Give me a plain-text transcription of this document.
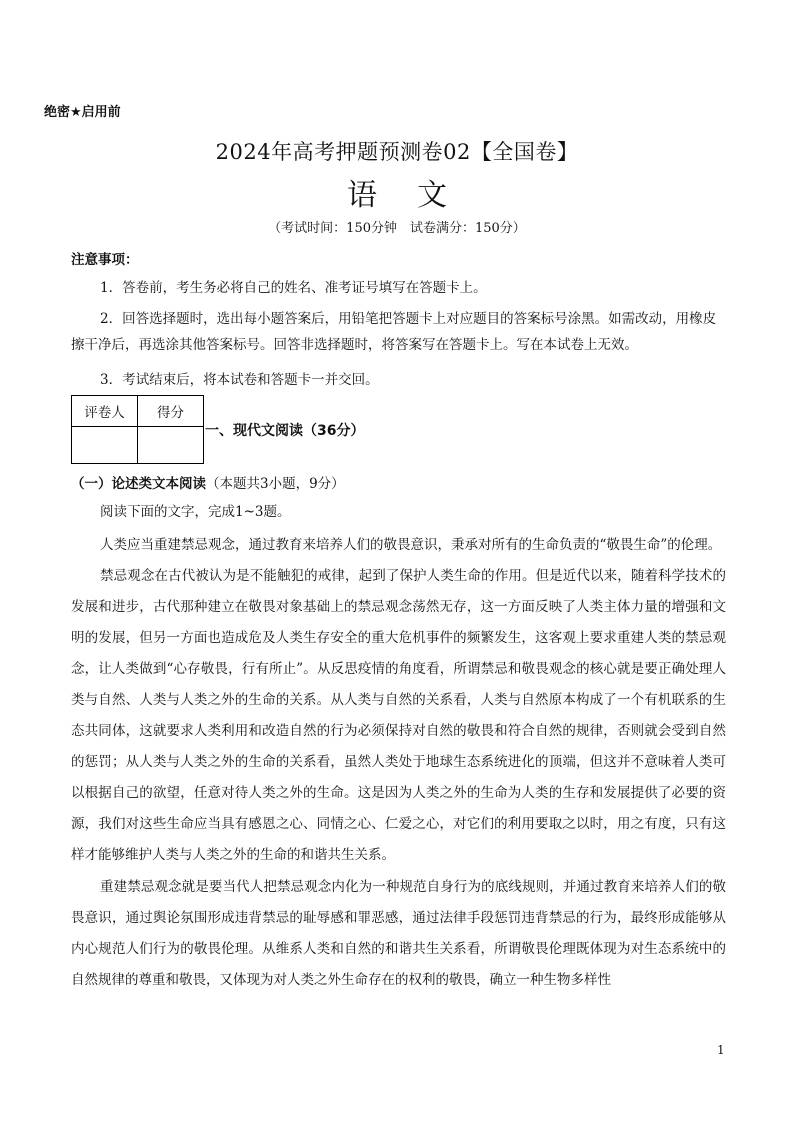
绝密★启用前
2024年高考押题预测卷02【全国卷】
语 文
（考试时间：150分钟　试卷满分：150分）
注意事项：
1．答卷前，考生务必将自己的姓名、准考证号填写在答题卡上。
2．回答选择题时，选出每小题答案后，用铅笔把答题卡上对应题目的答案标号涂黑。如需改动，用橡皮擦干净后，再选涂其他答案标号。回答非选择题时，将答案写在答题卡上。写在本试卷上无效。
3．考试结束后，将本试卷和答题卡一并交回。
评卷人	得分

一、现代文阅读（36分）
（一）论述类文本阅读（本题共3小题，9分）
阅读下面的文字，完成1~3题。
人类应当重建禁忌观念，通过教育来培养人们的敬畏意识，秉承对所有的生命负责的“敬畏生命”的伦理。
禁忌观念在古代被认为是不能触犯的戒律，起到了保护人类生命的作用。但是近代以来，随着科学技术的发展和进步，古代那种建立在敬畏对象基础上的禁忌观念荡然无存，这一方面反映了人类主体力量的增强和文明的发展，但另一方面也造成危及人类生存安全的重大危机事件的频繁发生，这客观上要求重建人类的禁忌观念，让人类做到“心存敬畏，行有所止”。从反思疫情的角度看，所谓禁忌和敬畏观念的核心就是要正确处理人类与自然、人类与人类之外的生命的关系。从人类与自然的关系看，人类与自然原本构成了一个有机联系的生态共同体，这就要求人类利用和改造自然的行为必须保持对自然的敬畏和符合自然的规律，否则就会受到自然的惩罚；从人类与人类之外的生命的关系看，虽然人类处于地球生态系统进化的顶端，但这并不意味着人类可以根据自己的欲望，任意对待人类之外的生命。这是因为人类之外的生命为人类的生存和发展提供了必要的资源，我们对这些生命应当具有感恩之心、同情之心、仁爱之心，对它们的利用要取之以时，用之有度，只有这样才能够维护人类与人类之外的生命的和谐共生关系。
重建禁忌观念就是要当代人把禁忌观念内化为一种规范自身行为的底线规则，并通过教育来培养人们的敬畏意识，通过舆论氛围形成违背禁忌的耻辱感和罪恶感，通过法律手段惩罚违背禁忌的行为，最终形成能够从内心规范人们行为的敬畏伦理。从维系人类和自然的和谐共生关系看，所谓敬畏伦理既体现为对生态系统中的自然规律的尊重和敬畏，又体现为对人类之外生命存在的权利的敬畏，确立一种生物多样性
1
